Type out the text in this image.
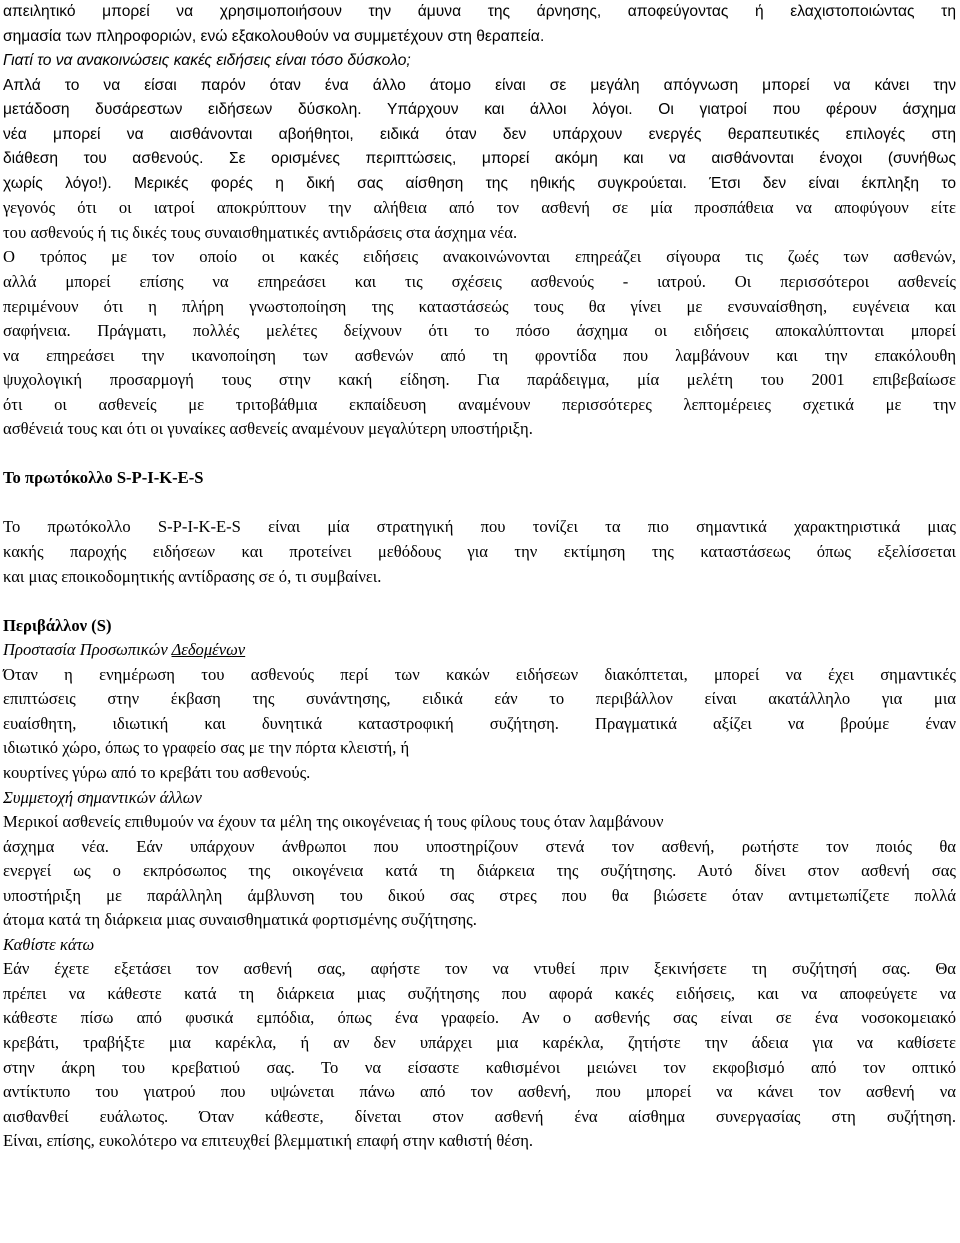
απειλητικό μπορεί να χρησιμοποιήσουν την άμυνα της άρνησης, αποφεύγοντας ή ελαχιστοποιώντας τη
σημασία των πληροφοριών, ενώ εξακολουθούν να συμμετέχουν στη θεραπεία.
Γιατί το να ανακοινώσεις κακές ειδήσεις είναι τόσο δύσκολο;
Απλά το να είσαι παρόν όταν ένα άλλο άτομο είναι σε μεγάλη απόγνωση μπορεί να κάνει την
μετάδοση δυσάρεστων ειδήσεων δύσκολη. Υπάρχουν και άλλοι λόγοι. Οι γιατροί που φέρουν άσχημα
νέα μπορεί να αισθάνονται αβοήθητοι, ειδικά όταν δεν υπάρχουν ενεργές θεραπευτικές επιλογές στη
διάθεση του ασθενούς. Σε ορισμένες περιπτώσεις, μπορεί ακόμη και να αισθάνονται ένοχοι (συνήθως
χωρίς λόγο!). Μερικές φορές η δική σας αίσθηση της ηθικής συγκρούεται. Έτσι δεν είναι έκπληξη το
γεγονός ότι οι ιατροί αποκρύπτουν την αλήθεια από τον ασθενή σε μία προσπάθεια να αποφύγουν είτε
του ασθενούς ή τις δικές τους συναισθηματικές αντιδράσεις στα άσχημα νέα.
Ο τρόπος με τον οποίο οι κακές ειδήσεις ανακοινώνονται επηρεάζει σίγουρα τις ζωές των ασθενών,
αλλά μπορεί επίσης να επηρεάσει και τις σχέσεις ασθενούς - ιατρού. Οι περισσότεροι ασθενείς
περιμένουν ότι η πλήρη γνωστοποίηση της καταστάσεώς τους θα γίνει με ενσυναίσθηση, ευγένεια και
σαφήνεια. Πράγματι, πολλές μελέτες δείχνουν ότι το πόσο άσχημα οι ειδήσεις αποκαλύπτονται μπορεί
να επηρεάσει την ικανοποίηση των ασθενών από τη φροντίδα που λαμβάνουν και την επακόλουθη
ψυχολογική προσαρμογή τους στην κακή είδηση. Για παράδειγμα, μία μελέτη του 2001 επιβεβαίωσε
ότι οι ασθενείς με τριτοβάθμια εκπαίδευση αναμένουν περισσότερες λεπτομέρειες σχετικά με την
ασθένειά τους και ότι οι γυναίκες ασθενείς αναμένουν μεγαλύτερη υποστήριξη.
Το πρωτόκολλο S-P-I-K-E-S
Το πρωτόκολλο S-P-I-K-E-S είναι μία στρατηγική που τονίζει τα πιο σημαντικά χαρακτηριστικά μιας
κακής παροχής ειδήσεων και προτείνει μεθόδους για την εκτίμηση της καταστάσεως όπως εξελίσσεται
και μιας εποικοδομητικής αντίδρασης σε ό, τι συμβαίνει.
Περιβάλλον (S)
Προστασία Προσωπικών Δεδομένων
Όταν η ενημέρωση του ασθενούς περί των κακών ειδήσεων διακόπτεται, μπορεί να έχει σημαντικές
επιπτώσεις στην έκβαση της συνάντησης, ειδικά εάν το περιβάλλον είναι ακατάλληλο για μια
ευαίσθητη, ιδιωτική και δυνητικά καταστροφική συζήτηση. Πραγματικά αξίζει να βρούμε έναν
ιδιωτικό χώρο, όπως το γραφείο σας με την πόρτα κλειστή, ή
κουρτίνες γύρω από το κρεβάτι του ασθενούς.
Συμμετοχή σημαντικών άλλων
Μερικοί ασθενείς επιθυμούν να έχουν τα μέλη της οικογένειας ή τους φίλους τους όταν λαμβάνουν
άσχημα νέα. Εάν υπάρχουν άνθρωποι που υποστηρίζουν στενά τον ασθενή, ρωτήστε τον ποιός θα
ενεργεί ως ο εκπρόσωπος της οικογένεια κατά τη διάρκεια της συζήτησης. Αυτό δίνει στον ασθενή σας
υποστήριξη με παράλληλη άμβλυνση του δικού σας στρες που θα βιώσετε όταν αντιμετωπίζετε πολλά
άτομα κατά τη διάρκεια μιας συναισθηματικά φορτισμένης συζήτησης.
Καθίστε κάτω
Εάν έχετε εξετάσει τον ασθενή σας, αφήστε τον να ντυθεί πριν ξεκινήσετε τη συζήτησή σας. Θα
πρέπει να κάθεστε κατά τη διάρκεια μιας συζήτησης που αφορά κακές ειδήσεις, και να αποφεύγετε να
κάθεστε πίσω από φυσικά εμπόδια, όπως ένα γραφείο. Αν ο ασθενής σας είναι σε ένα νοσοκομειακό
κρεβάτι, τραβήξτε μια καρέκλα, ή αν δεν υπάρχει μια καρέκλα, ζητήστε την άδεια για να καθίσετε
στην άκρη του κρεβατιού σας. Το να είσαστε καθισμένοι μειώνει τον εκφοβισμό από τον οπτικό
αντίκτυπο του γιατρού που υψώνεται πάνω από τον ασθενή, που μπορεί να κάνει τον ασθενή να
αισθανθεί ευάλωτος. Όταν κάθεστε, δίνεται στον ασθενή ένα αίσθημα συνεργασίας στη συζήτηση.
Είναι, επίσης, ευκολότερο να επιτευχθεί βλεμματική επαφή στην καθιστή θέση.
